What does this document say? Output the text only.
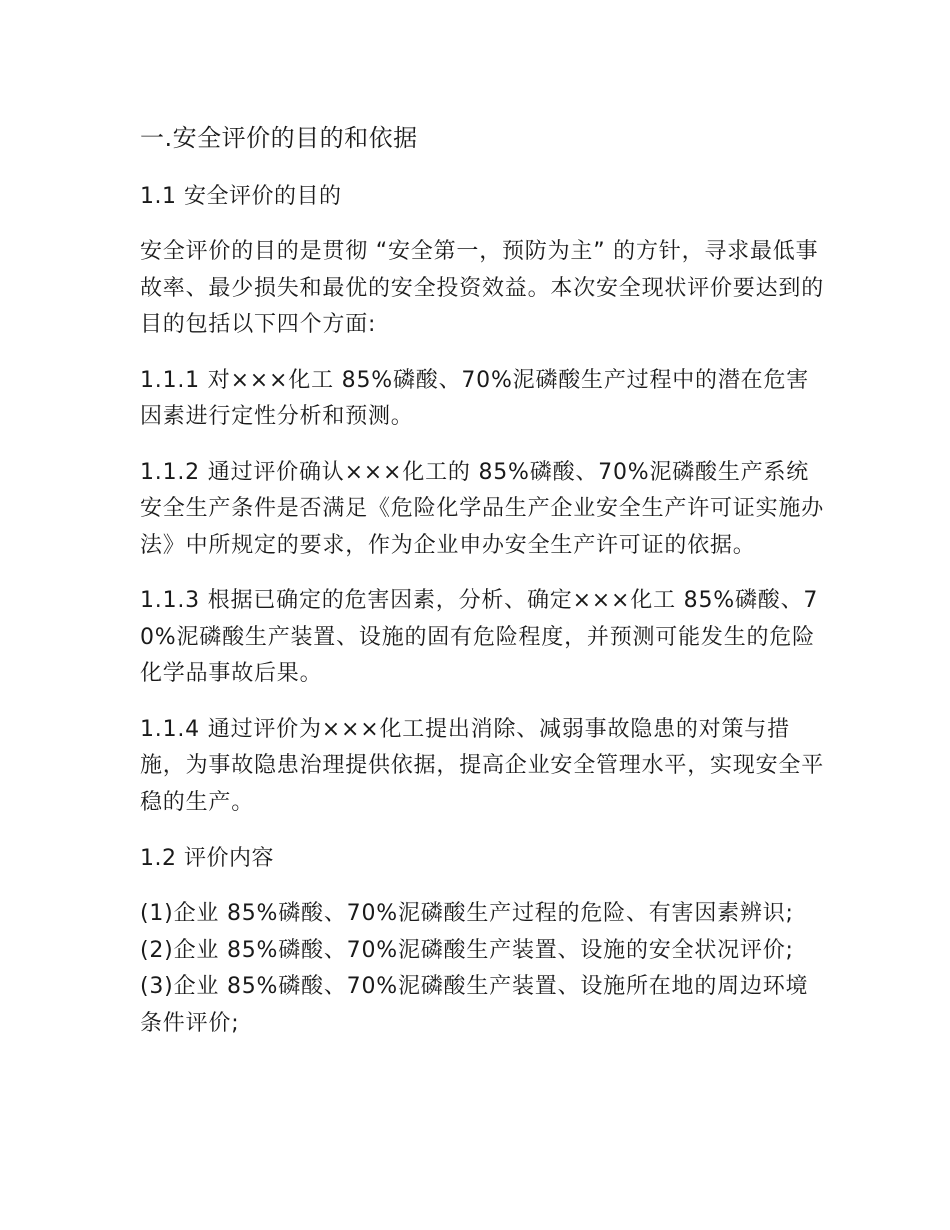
一.安全评价的目的和依据
1.1 安全评价的目的

安全评价的目的是贯彻 “安全第一，预防为主” 的方针，寻求最低事故率、最少损失和最优的安全投资效益。本次安全现状评价要达到的目的包括以下四个方面:

1.1.1 对×××化工 85%磷酸、70%泥磷酸生产过程中的潜在危害因素进行定性分析和预测。

1.1.2 通过评价确认×××化工的 85%磷酸、70%泥磷酸生产系统安全生产条件是否满足《危险化学品生产企业安全生产许可证实施办法》中所规定的要求，作为企业申办安全生产许可证的依据。

1.1.3 根据已确定的危害因素，分析、确定×××化工 85%磷酸、70%泥磷酸生产装置、设施的固有危险程度，并预测可能发生的危险化学品事故后果。

1.1.4 通过评价为×××化工提出消除、减弱事故隐患的对策与措施，为事故隐患治理提供依据，提高企业安全管理水平，实现安全平稳的生产。

1.2 评价内容

(1)企业 85%磷酸、70%泥磷酸生产过程的危险、有害因素辨识; (2)企业 85%磷酸、70%泥磷酸生产装置、设施的安全状况评价; (3)企业 85%磷酸、70%泥磷酸生产装置、设施所在地的周边环境条件评价;
